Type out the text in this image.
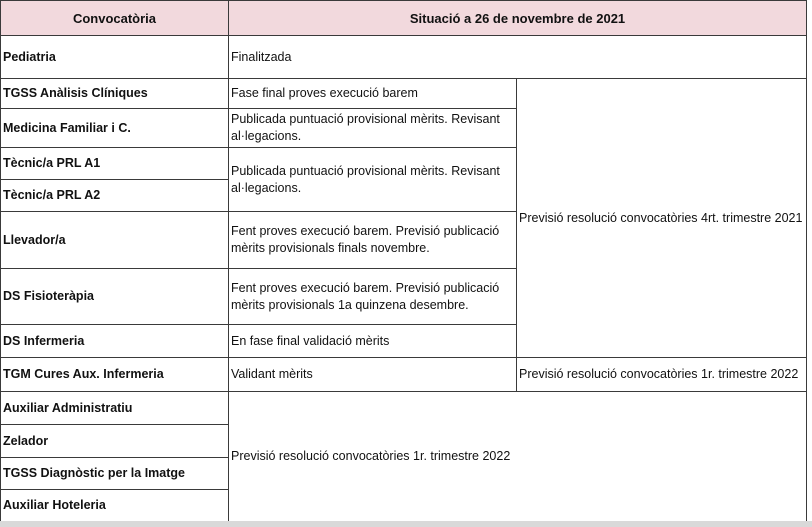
Convocatòria	Situació a 26 de novembre de 2021	
Pediatria	Finalitzada	
TGSS Anàlisis Clíniques	Fase final proves execució barem	Previsió resolució convocatòries 4rt. trimestre 2021
Medicina Familiar i C.	Publicada puntuació provisional mèrits. Revisant al·legacions.	
Tècnic/a PRL A1	Publicada puntuació provisional mèrits. Revisant al·legacions.	
Tècnic/a PRL A2		
Llevador/a	Fent proves execució barem. Previsió publicació mèrits provisionals finals novembre.	
DS Fisioteràpia	Fent proves execució barem. Previsió publicació mèrits provisionals 1a quinzena desembre.	
DS Infermeria	En fase final validació mèrits	
TGM Cures Aux. Infermeria	Validant mèrits	Previsió resolució convocatòries 1r. trimestre 2022
Auxiliar Administratiu	Previsió resolució convocatòries 1r. trimestre 2022	
Zelador		
TGSS Diagnòstic per la Imatge		
Auxiliar Hoteleria		
